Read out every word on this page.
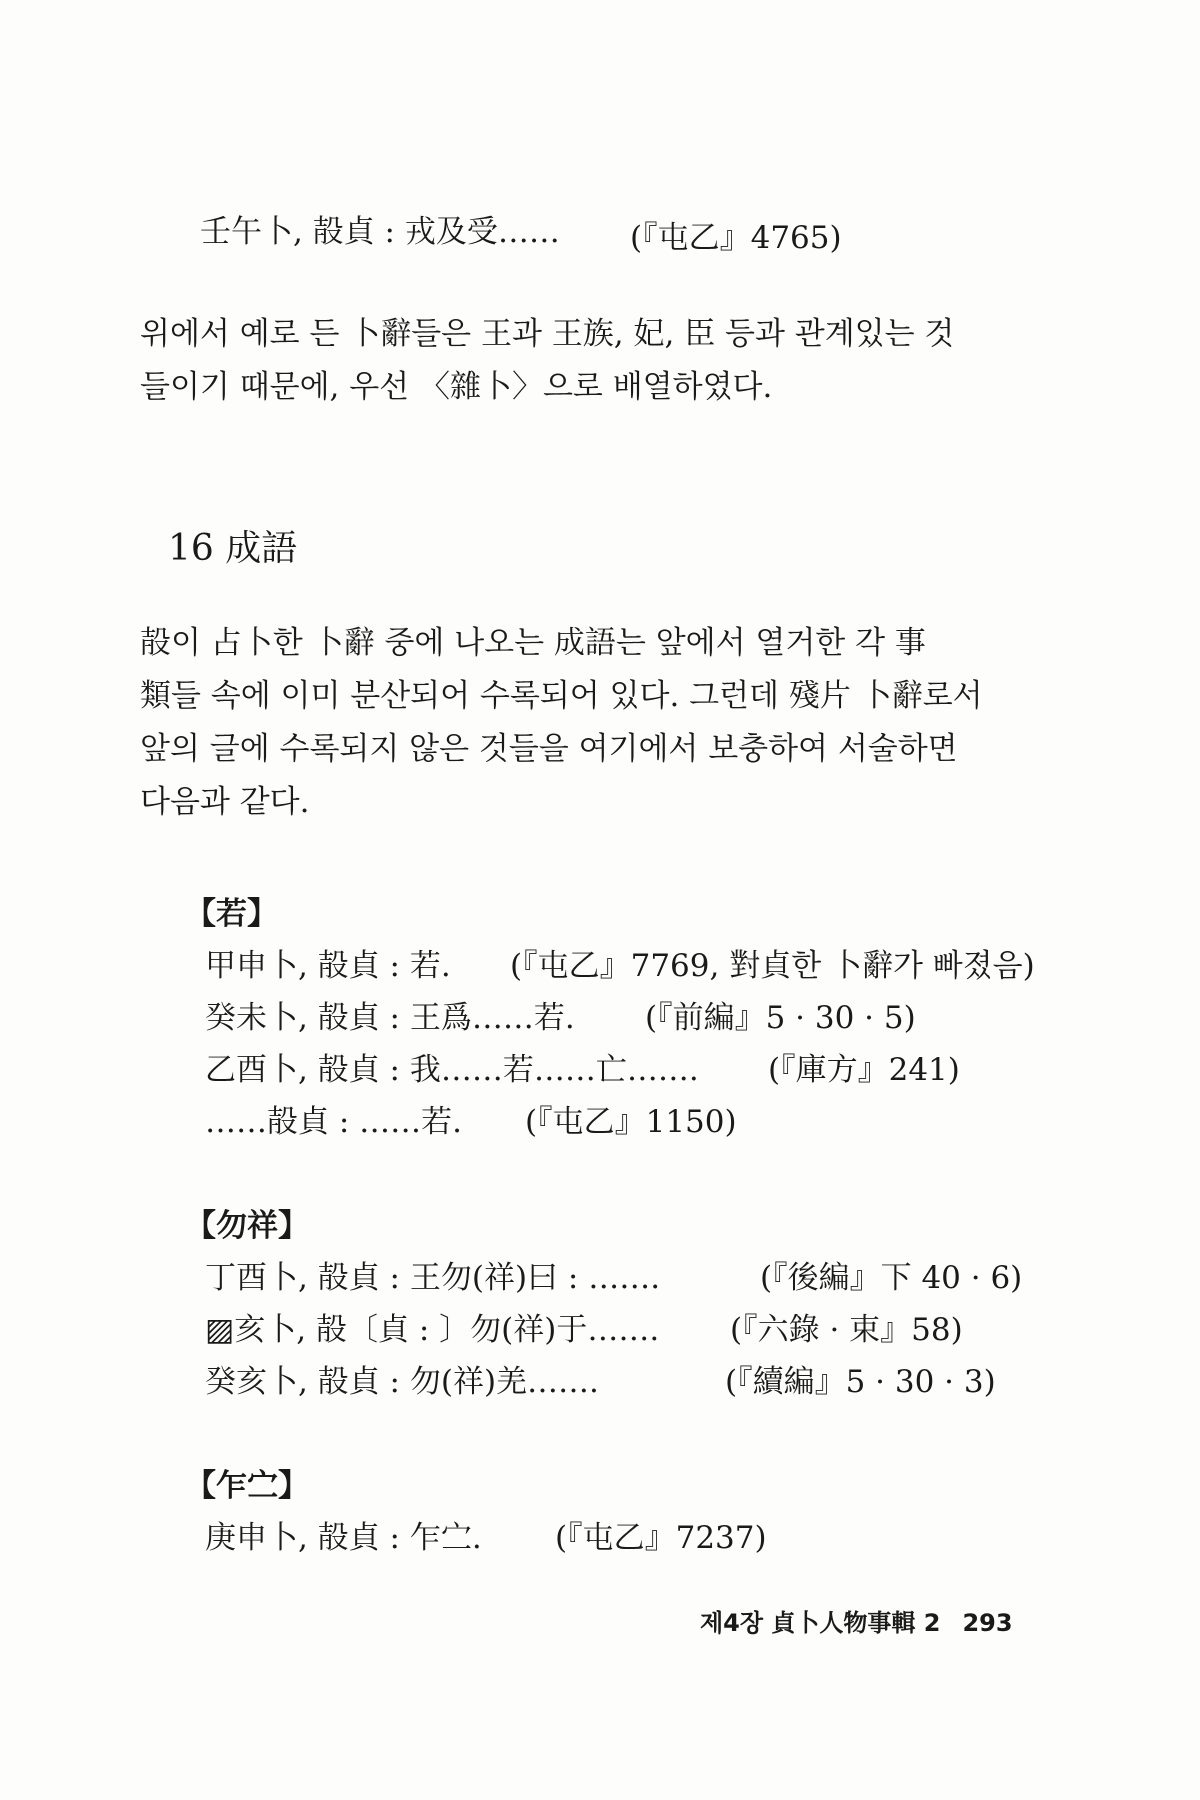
壬午卜, 㱿貞 : 戎及受…… (『屯乙』4765)

위에서 예로 든 卜辭들은 王과 王族, 妃, 臣 등과 관계있는 것

들이기 때문에, 우선 〈雜卜〉으로 배열하였다.

16 成語

㱿이 占卜한 卜辭 중에 나오는 成語는 앞에서 열거한 각 事

類들 속에 이미 분산되어 수록되어 있다. 그런데 殘片 卜辭로서

앞의 글에 수록되지 않은 것들을 여기에서 보충하여 서술하면

다음과 같다.

【若】
甲申卜, 㱿貞 : 若. (『屯乙』7769, 對貞한 卜辭가 빠졌음)
癸未卜, 㱿貞 : 王爲……若. (『前編』5 · 30 · 5)
乙酉卜, 㱿貞 : 我……若……亡……. (『庫方』241)
……㱿貞 : ……若. (『屯乙』1150)
【勿祥】
丁酉卜, 㱿貞 : 王勿(祥)曰 : …….	(『後編』下 40 · 6)
▨亥卜, 㱿〔貞 : 〕勿(祥)于……. (『六錄 · 束』58)
癸亥卜, 㱿貞 : 勿(祥)羌…….	(『續編』5 · 30 · 3)
【乍㝉】
庚申卜, 㱿貞 : 乍㝉. (『屯乙』7237)
제4장 貞卜人物事輯 2 293
